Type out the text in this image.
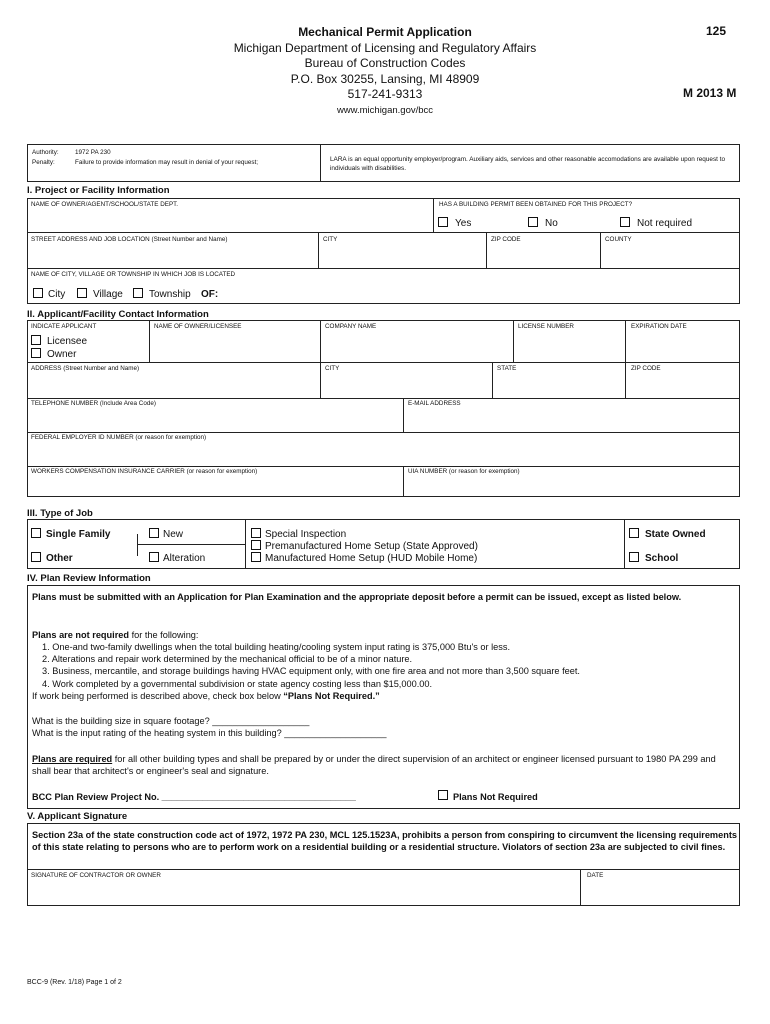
Mechanical Permit Application
Michigan Department of Licensing and Regulatory Affairs
Bureau of Construction Codes
P.O. Box 30255, Lansing, MI 48909
517-241-9313
www.michigan.gov/bcc
125
M 2013 M
Authority:	1972 PA 230
Penalty:	Failure to provide information may result in denial of your request;	LARA is an equal opportunity employer/program. Auxiliary aids, services and other reasonable accomodations are available upon request to individuals with disabilities.
I. Project or Facility Information
NAME OF OWNER/AGENT/SCHOOL/STATE DEPT.	HAS A BUILDING PERMIT BEEN OBTAINED FOR THIS PROJECT?
Yes	No	Not required
STREET ADDRESS AND JOB LOCATION (Street Number and Name)	CITY	ZIP CODE	COUNTY
NAME OF CITY, VILLAGE OR TOWNSHIP IN WHICH JOB IS LOCATED
City	Village	Township OF:
II. Applicant/Facility Contact Information
INDICATE APPLICANT	NAME OF OWNER/LICENSEE	COMPANY NAME	LICENSE NUMBER	EXPIRATION DATE
Licensee
Owner
ADDRESS (Street Number and Name)	CITY	STATE	ZIP CODE
TELEPHONE NUMBER (Include Area Code)	E-MAIL ADDRESS
FEDERAL EMPLOYER ID NUMBER (or reason for exemption)
WORKERS COMPENSATION INSURANCE CARRIER (or reason for exemption)	UIA NUMBER (or reason for exemption)
III. Type of Job
Single Family
Other
New
Alteration
Special Inspection
Premanufactured Home Setup (State Approved)
Manufactured Home Setup (HUD Mobile Home)
State Owned
School
IV. Plan Review Information
Plans must be submitted with an Application for Plan Examination and the appropriate deposit before a permit can be issued, except as listed below.
Plans are not required for the following:
1. One-and two-family dwellings when the total building heating/cooling system input rating is 375,000 Btu's or less.
2. Alterations and repair work determined by the mechanical official to be of a minor nature.
3. Business, mercantile, and storage buildings having HVAC equipment only, with one fire area and not more than 3,500 square feet.
4. Work completed by a governmental subdivision or state agency costing less than $15,000.00.
If work being performed is described above, check box below “Plans Not Required.”
What is the building size in square footage? ___________________
What is the input rating of the heating system in this building? ____________________
Plans are required for all other building types and shall be prepared by or under the direct supervision of an architect or engineer licensed pursuant to 1980 PA 299 and shall bear that architect's or engineer's seal and signature.
BCC Plan Review Project No. ______________________________________	Plans Not Required
V. Applicant Signature
Section 23a of the state construction code act of 1972, 1972 PA 230, MCL 125.1523A, prohibits a person from conspiring to circumvent the licensing requirements of this state relating to persons who are to perform work on a residential building or a residential structure. Violators of section 23a are subjected to civil fines.
SIGNATURE OF CONTRACTOR OR OWNER	DATE
BCC-9 (Rev. 1/18) Page 1 of 2
